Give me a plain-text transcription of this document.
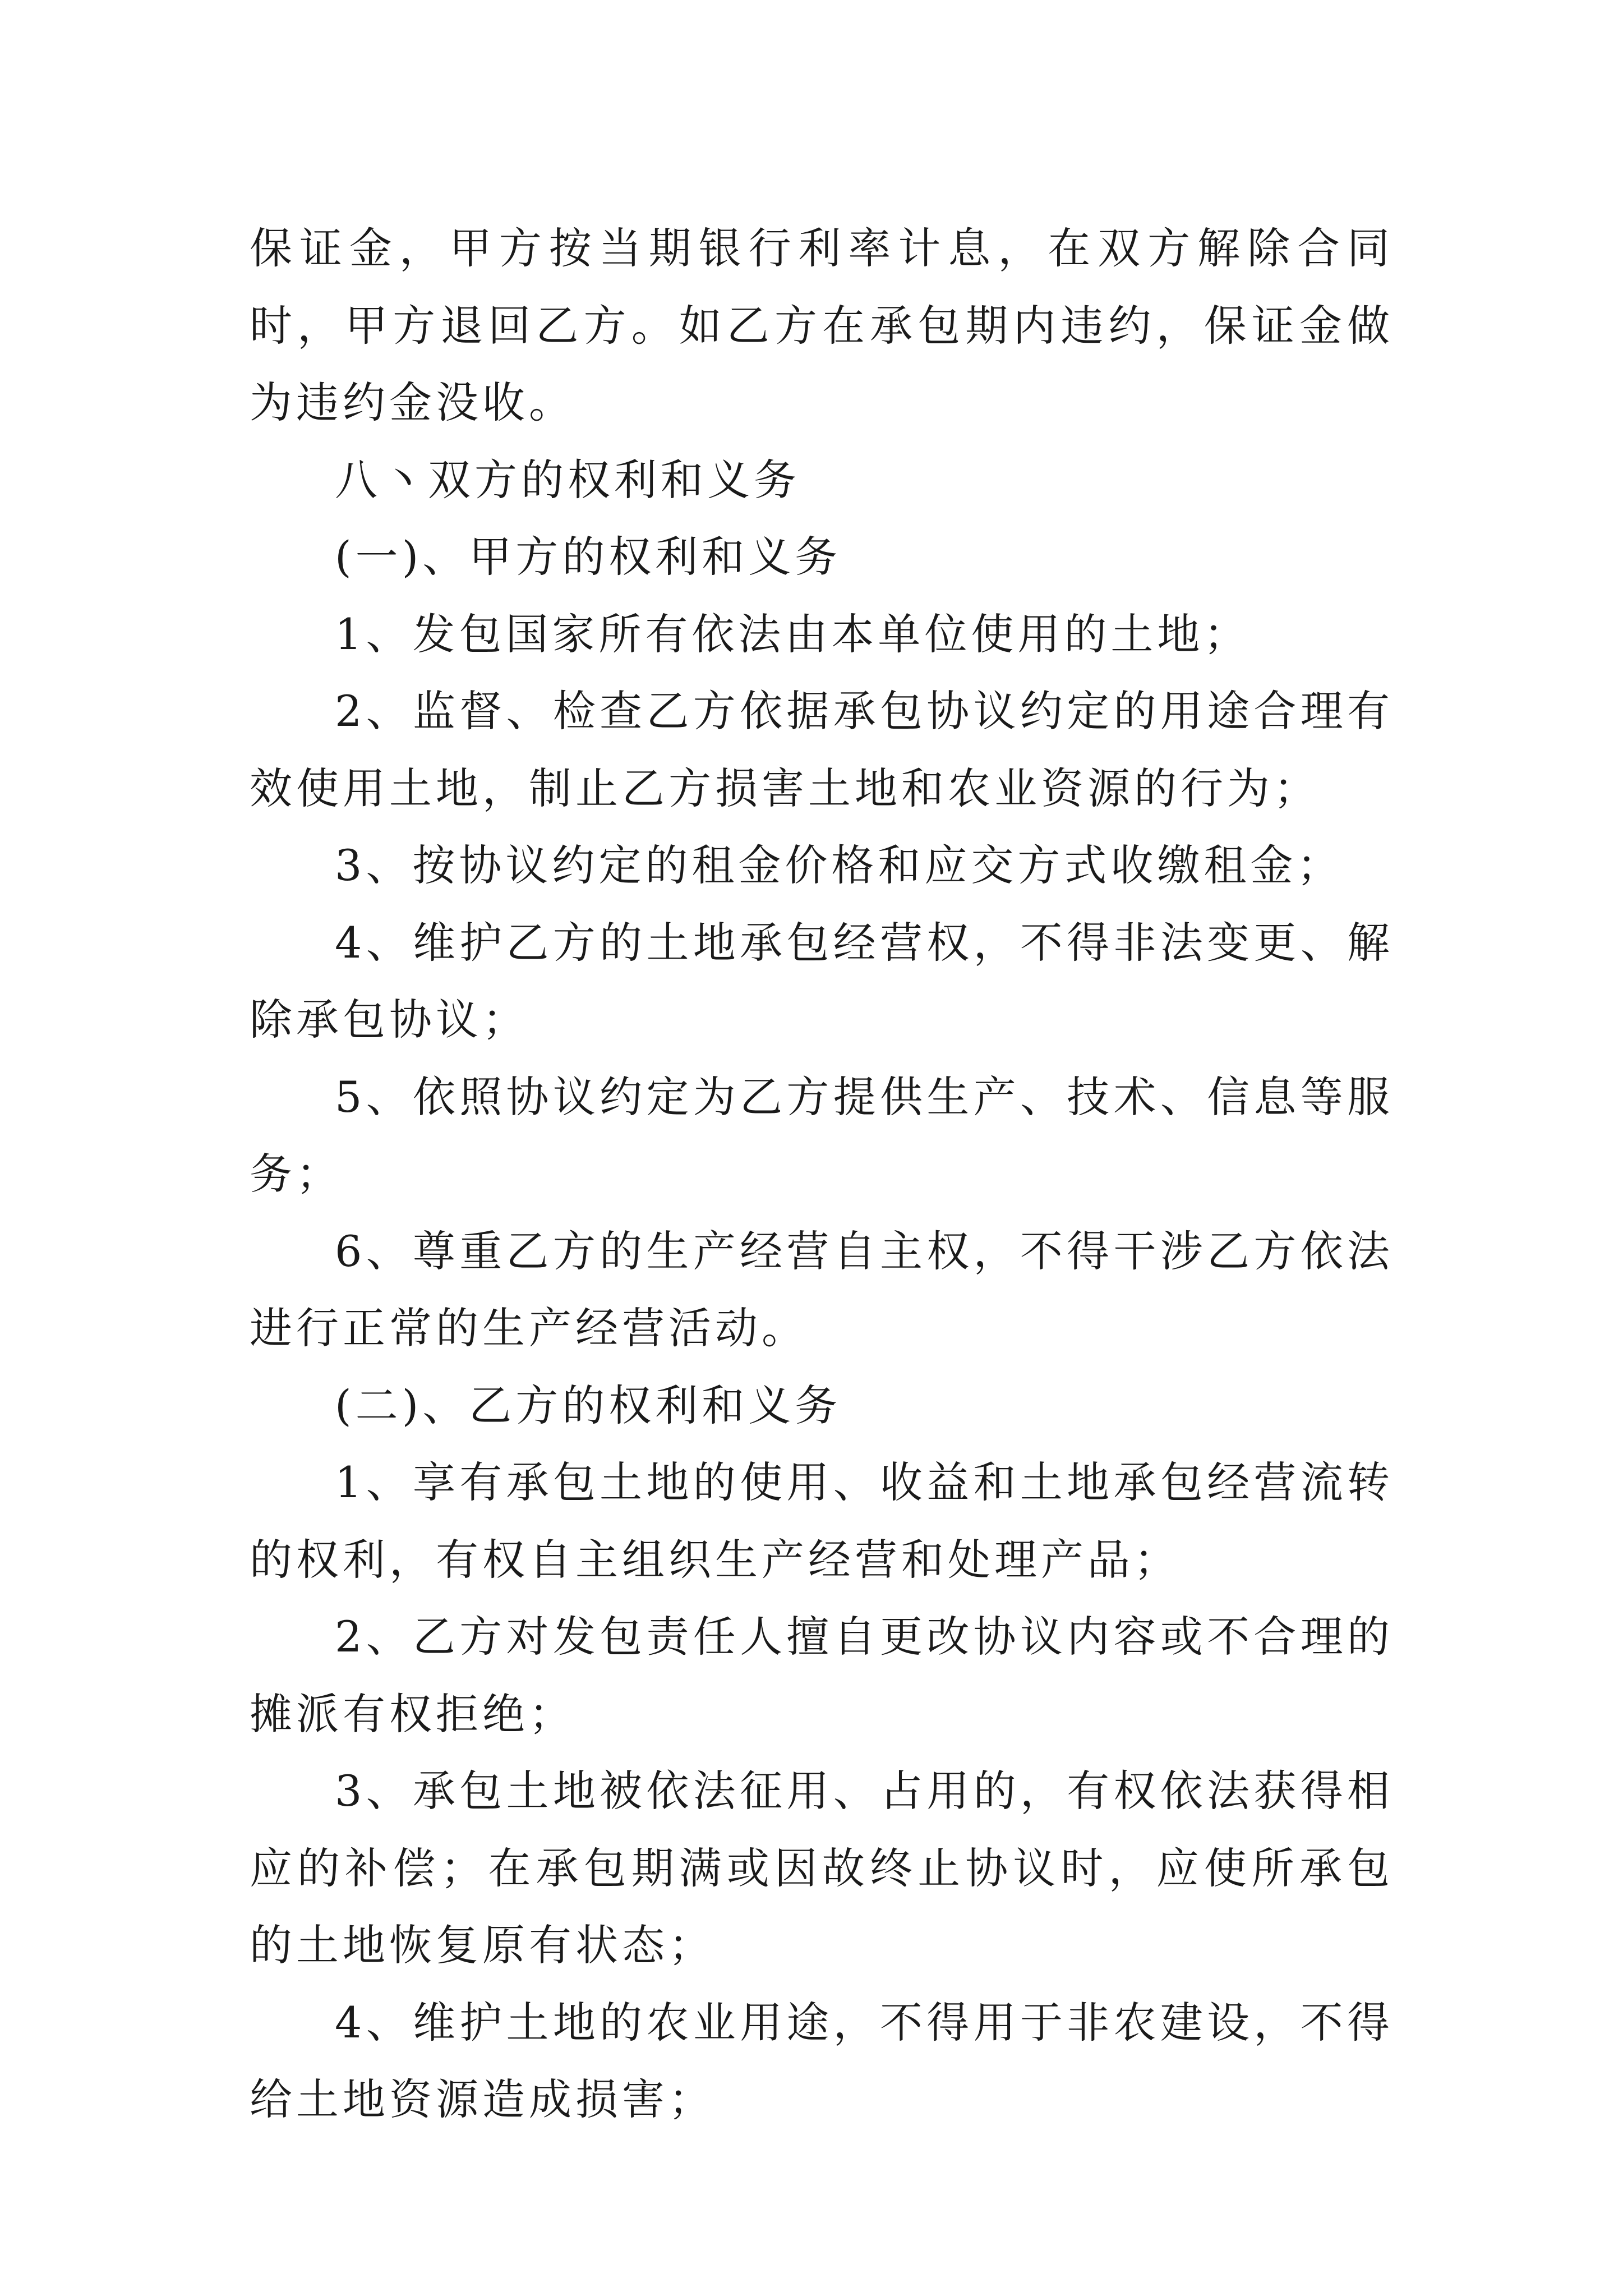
保证金，甲方按当期银行利率计息，在双方解除合同时，甲方退回乙方。如乙方在承包期内违约，保证金做为违约金没收。

八丶双方的权利和义务

(一)、甲方的权利和义务

1、发包国家所有依法由本单位使用的土地；

2、监督、检查乙方依据承包协议约定的用途合理有效使用土地，制止乙方损害土地和农业资源的行为；

3、按协议约定的租金价格和应交方式收缴租金；

4、维护乙方的土地承包经营权，不得非法变更、解除承包协议；

5、依照协议约定为乙方提供生产、技术、信息等服务；

6、尊重乙方的生产经营自主权，不得干涉乙方依法进行正常的生产经营活动。

(二)、乙方的权利和义务

1、享有承包土地的使用、收益和土地承包经营流转的权利，有权自主组织生产经营和处理产品；

2、乙方对发包责任人擅自更改协议内容或不合理的摊派有权拒绝；

3、承包土地被依法征用、占用的，有权依法获得相应的补偿；在承包期满或因故终止协议时，应使所承包的土地恢复原有状态；

4、维护土地的农业用途，不得用于非农建设，不得给土地资源造成损害；
